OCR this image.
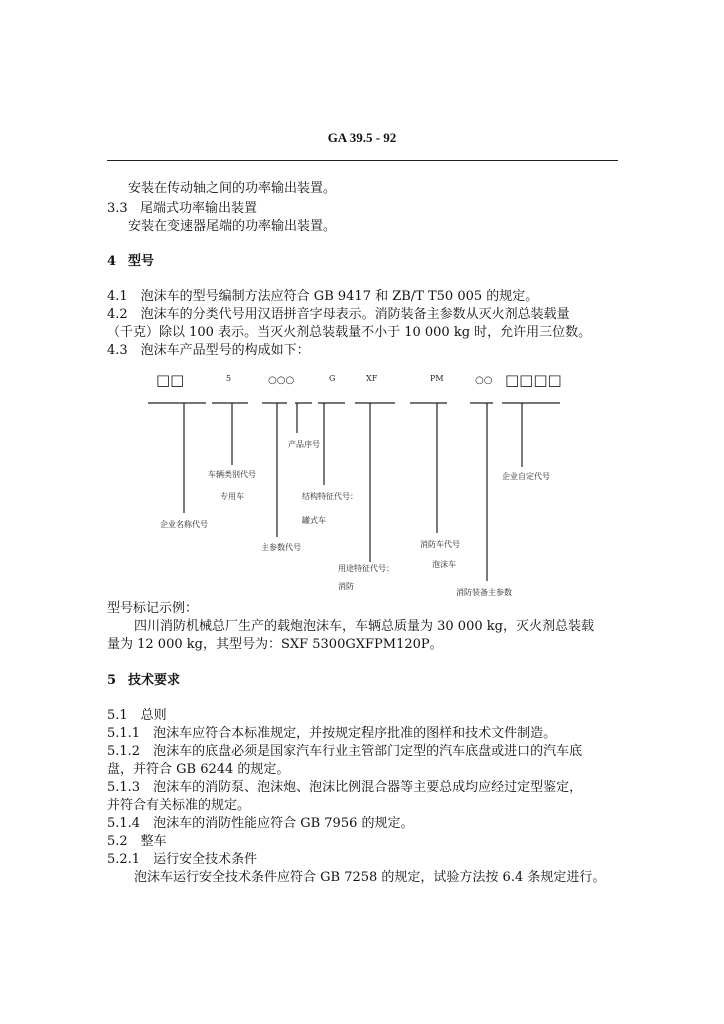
GA 39.5 - 92
安装在传动轴之间的功率输出装置。
3.3 尾端式功率输出装置
安装在变速器尾端的功率输出装置。
4 型号
4.1　泡沫车的型号编制方法应符合 GB 9417 和 ZB/T T50 005 的规定。
4.2　泡沫车的分类代号用汉语拼音字母表示。消防装备主参数从灭火剂总装载量
（千克）除以 100 表示。当灭火剂总装载量不小于 10 000 kg 时，允许用三位数。
4.3　泡沫车产品型号的构成如下：
□□	5	○○○	G	XF	PM	○○ □□□□
产品序号
车辆类别代号
专用车	结构特征代号：
罐式车
企业名称代号
主参数代号	消防车代号
泡沫车
用途特征代号：
消防
消防装备主参数
企业自定代号
型号标记示例：
四川消防机械总厂生产的载炮泡沫车，车辆总质量为 30 000 kg，灭火剂总装载
量为 12 000 kg，其型号为：SXF 5300GXFPM120P。
5 技术要求
5.1　总则
5.1.1　泡沫车应符合本标准规定，并按规定程序批准的图样和技术文件制造。
5.1.2　泡沫车的底盘必须是国家汽车行业主管部门定型的汽车底盘或进口的汽车底
盘，并符合 GB 6244 的规定。
5.1.3　泡沫车的消防泵、泡沫炮、泡沫比例混合器等主要总成均应经过定型鉴定，
并符合有关标准的规定。
5.1.4　泡沫车的消防性能应符合 GB 7956 的规定。
5.2　整车
5.2.1　运行安全技术条件
泡沫车运行安全技术条件应符合 GB 7258 的规定，试验方法按 6.4 条规定进行。
